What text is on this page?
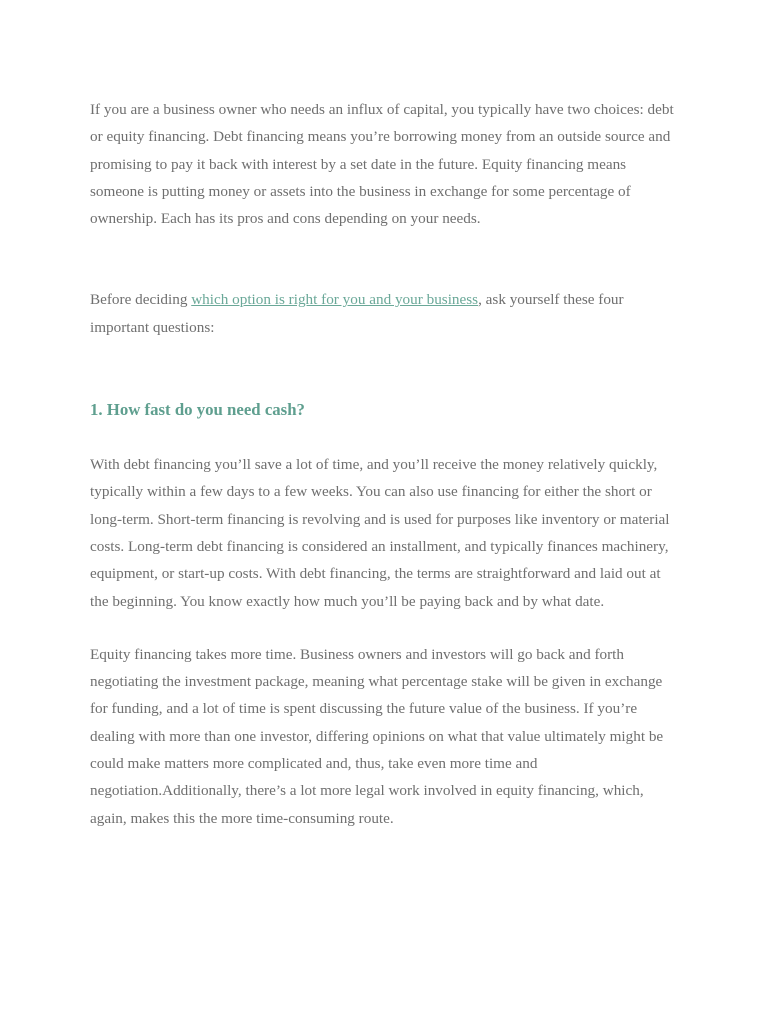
If you are a business owner who needs an influx of capital, you typically have two choices: debt or equity financing. Debt financing means you’re borrowing money from an outside source and promising to pay it back with interest by a set date in the future. Equity financing means someone is putting money or assets into the business in exchange for some percentage of ownership. Each has its pros and cons depending on your needs.

Before deciding which option is right for you and your business, ask yourself these four important questions:

1. How fast do you need cash?

With debt financing you’ll save a lot of time, and you’ll receive the money relatively quickly, typically within a few days to a few weeks. You can also use financing for either the short or long-term. Short-term financing is revolving and is used for purposes like inventory or material costs. Long-term debt financing is considered an installment, and typically finances machinery, equipment, or start-up costs. With debt financing, the terms are straightforward and laid out at the beginning. You know exactly how much you’ll be paying back and by what date.

Equity financing takes more time. Business owners and investors will go back and forth negotiating the investment package, meaning what percentage stake will be given in exchange for funding, and a lot of time is spent discussing the future value of the business. If you’re dealing with more than one investor, differing opinions on what that value ultimately might be could make matters more complicated and, thus, take even more time and negotiation.Additionally, there’s a lot more legal work involved in equity financing, which, again, makes this the more time-consuming route.
